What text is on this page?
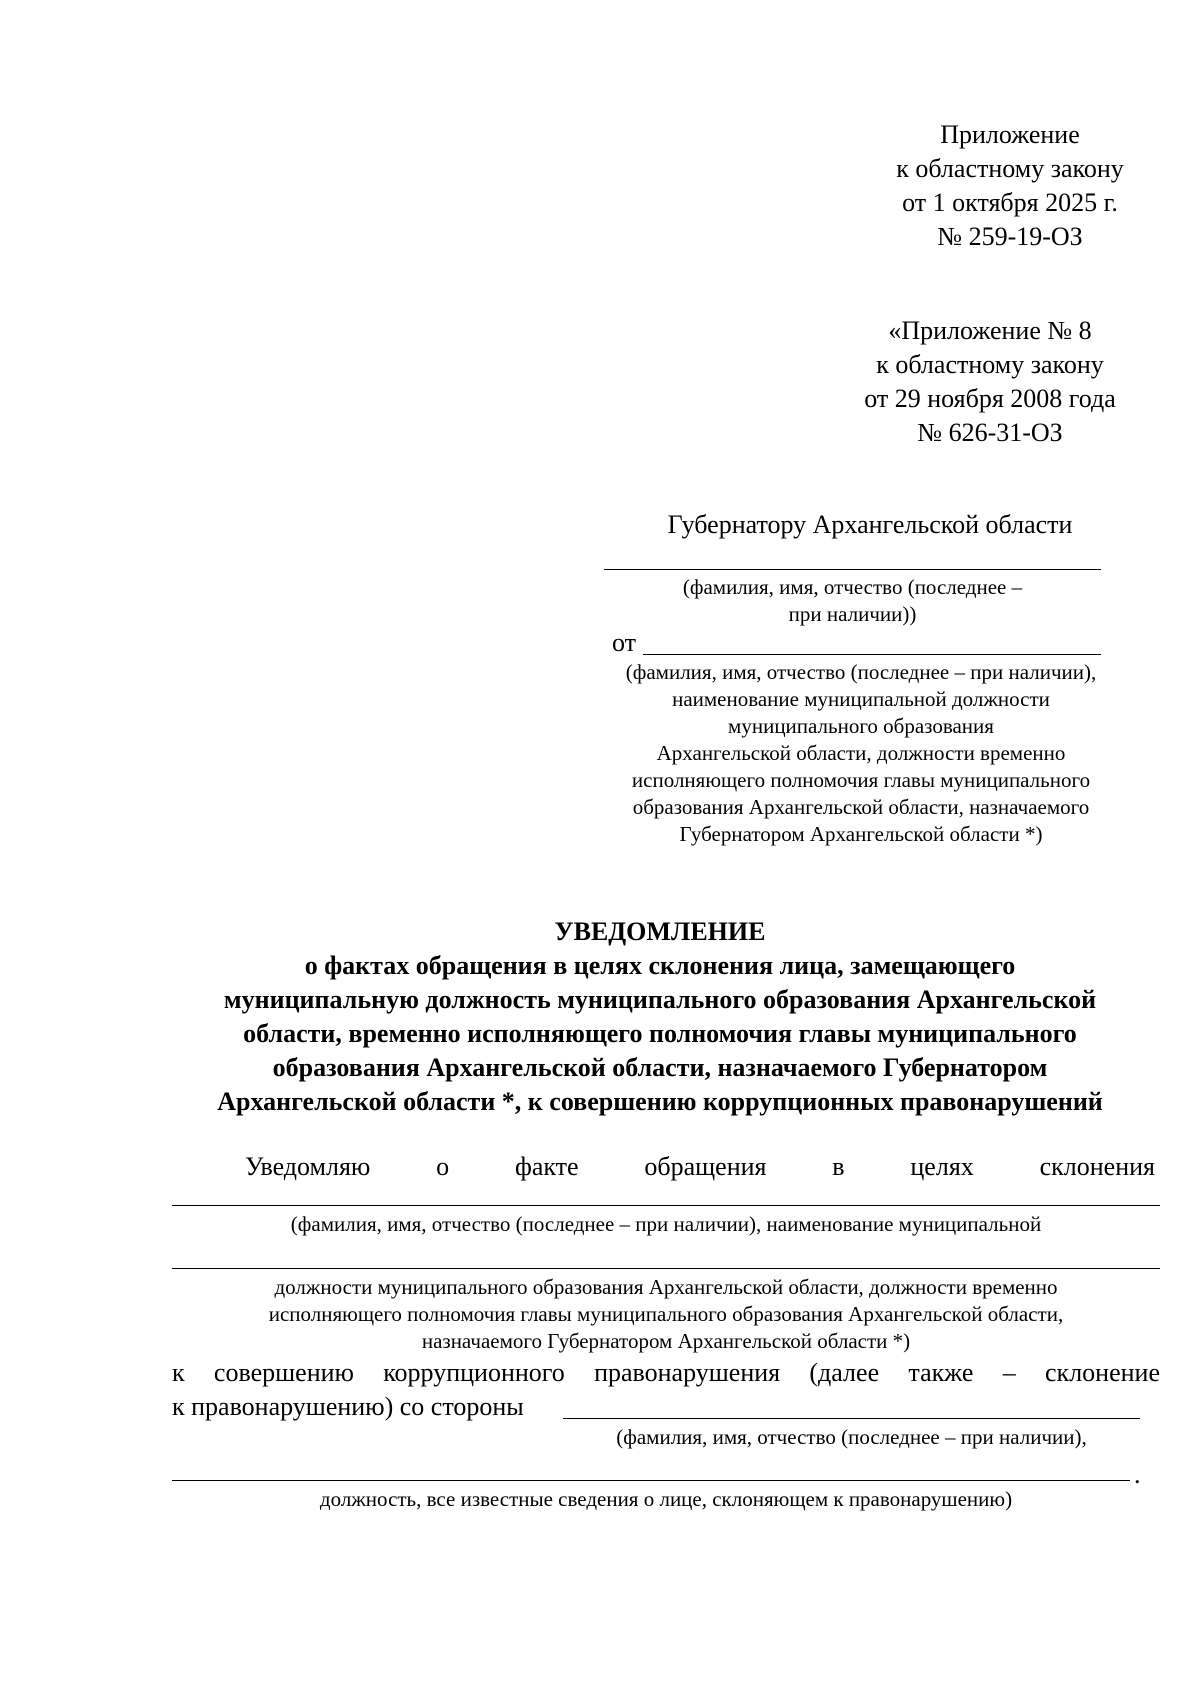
Приложение
к областному закону
от 1 октября 2025 г.
№ 259-19-ОЗ
«Приложение № 8
к областному закону
от 29 ноября 2008 года
№ 626-31-ОЗ
Губернатору Архангельской области
(фамилия, имя, отчество (последнее –
при наличии))
от
(фамилия, имя, отчество (последнее – при наличии),
наименование муниципальной должности
муниципального образования
Архангельской области, должности временно
исполняющего полномочия главы муниципального
образования Архангельской области, назначаемого
Губернатором Архангельской области *)
УВЕДОМЛЕНИЕ
о фактах обращения в целях склонения лица, замещающего
муниципальную должность муниципального образования Архангельской
области, временно исполняющего полномочия главы муниципального
образования Архангельской области, назначаемого Губернатором
Архангельской области *, к совершению коррупционных правонарушений
Уведомляю	о	факте	обращения	в	целях	склонения
(фамилия, имя, отчество (последнее – при наличии), наименование муниципальной
должности муниципального образования Архангельской области, должности временно
исполняющего полномочия главы муниципального образования Архангельской области,
назначаемого Губернатором Архангельской области *)
к совершению коррупционного правонарушения (далее также – склонение
к правонарушению) со стороны
(фамилия, имя, отчество (последнее – при наличии),
.
должность, все известные сведения о лице, склоняющем к правонарушению)
